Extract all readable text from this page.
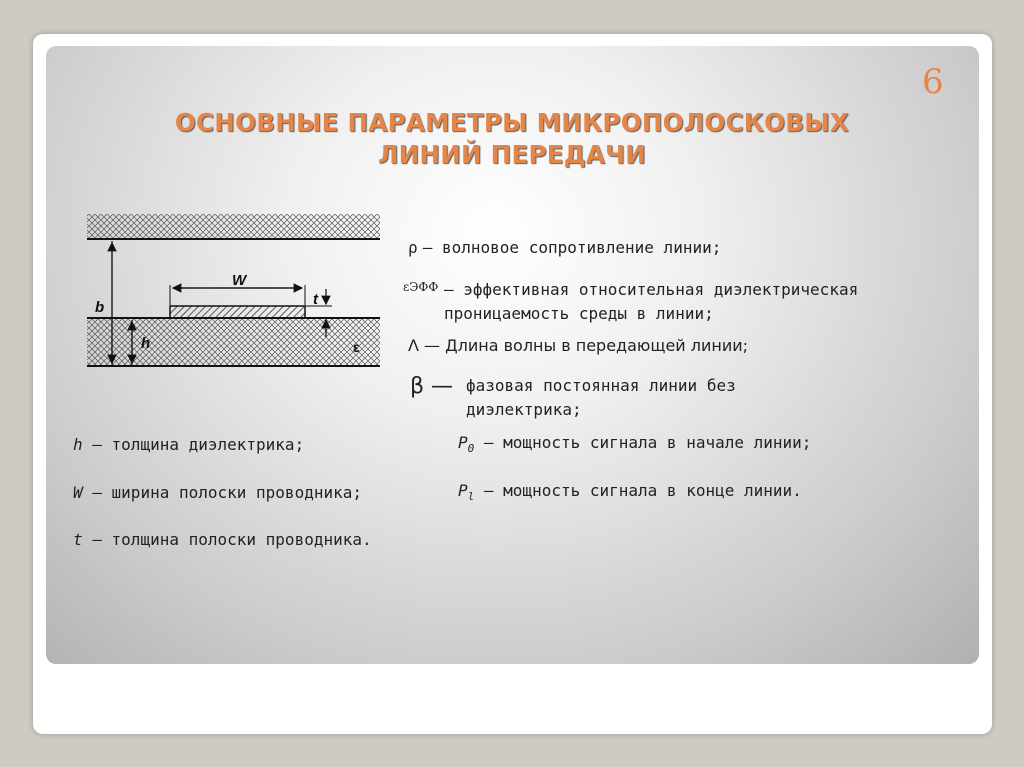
6
ОСНОВНЫЕ ПАРАМЕТРЫ МИКРОПОЛОСКОВЫХ
ЛИНИЙ ПЕРЕДАЧИ
W
t
b
h	ε
ρ — волновое сопротивление линии;
εЭФФ — эффективная относительная диэлектрическая
проницаемость среды в линии;
Λ — Длина волны в передающей линии;
β — фазовая постоянная линии без
диэлектрика;
h — толщина диэлектрика;
W — ширина полоски проводника;
t — толщина полоски проводника.
$P_0$ — мощность сигнала в начале линии;
$P_l$ — мощность сигнала в конце линии.
